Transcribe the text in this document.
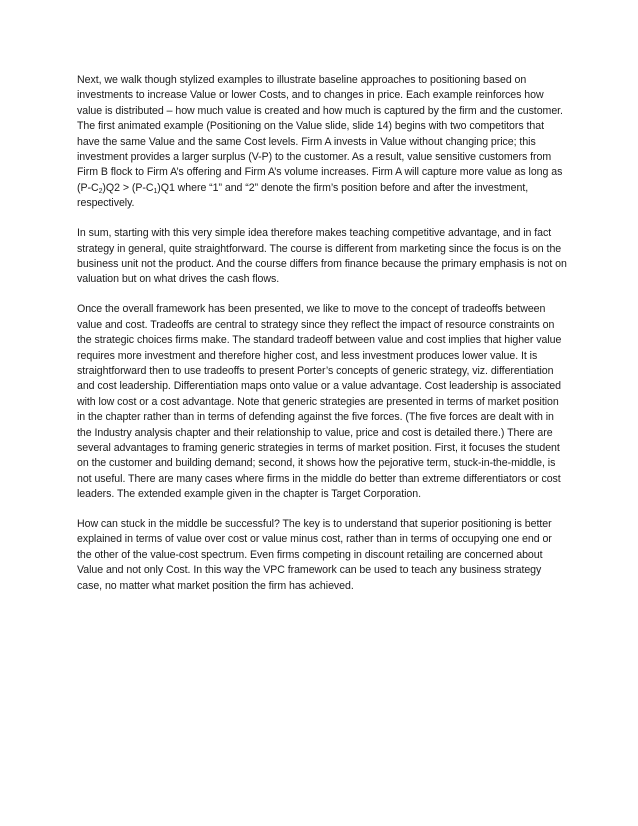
Next, we walk though stylized examples to illustrate baseline approaches to positioning based on investments to increase Value or lower Costs, and to changes in price. Each example reinforces how value is distributed – how much value is created and how much is captured by the firm and the customer. The first animated example (Positioning on the Value slide, slide 14) begins with two competitors that have the same Value and the same Cost levels. Firm A invests in Value without changing price; this investment provides a larger surplus (V-P) to the customer. As a result, value sensitive customers from Firm B flock to Firm A’s offering and Firm A’s volume increases. Firm A will capture more value as long as $(P-C_2)Q2 > (P-C_1)Q1$ where “1” and “2” denote the firm’s position before and after the investment, respectively.

In sum, starting with this very simple idea therefore makes teaching competitive advantage, and in fact strategy in general, quite straightforward. The course is different from marketing since the focus is on the business unit not the product. And the course differs from finance because the primary emphasis is not on valuation but on what drives the cash flows.

Once the overall framework has been presented, we like to move to the concept of tradeoffs between value and cost. Tradeoffs are central to strategy since they reflect the impact of resource constraints on the strategic choices firms make. The standard tradeoff between value and cost implies that higher value requires more investment and therefore higher cost, and less investment produces lower value. It is straightforward then to use tradeoffs to present Porter’s concepts of generic strategy, viz. differentiation and cost leadership. Differentiation maps onto value or a value advantage. Cost leadership is associated with low cost or a cost advantage. Note that generic strategies are presented in terms of market position in the chapter rather than in terms of defending against the five forces. (The five forces are dealt with in the Industry analysis chapter and their relationship to value, price and cost is detailed there.) There are several advantages to framing generic strategies in terms of market position. First, it focuses the student on the customer and building demand; second, it shows how the pejorative term, stuck-in-the-middle, is not useful. There are many cases where firms in the middle do better than extreme differentiators or cost leaders. The extended example given in the chapter is Target Corporation.

How can stuck in the middle be successful? The key is to understand that superior positioning is better explained in terms of value over cost or value minus cost, rather than in terms of occupying one end or the other of the value-cost spectrum. Even firms competing in discount retailing are concerned about Value and not only Cost. In this way the VPC framework can be used to teach any business strategy case, no matter what market position the firm has achieved.
